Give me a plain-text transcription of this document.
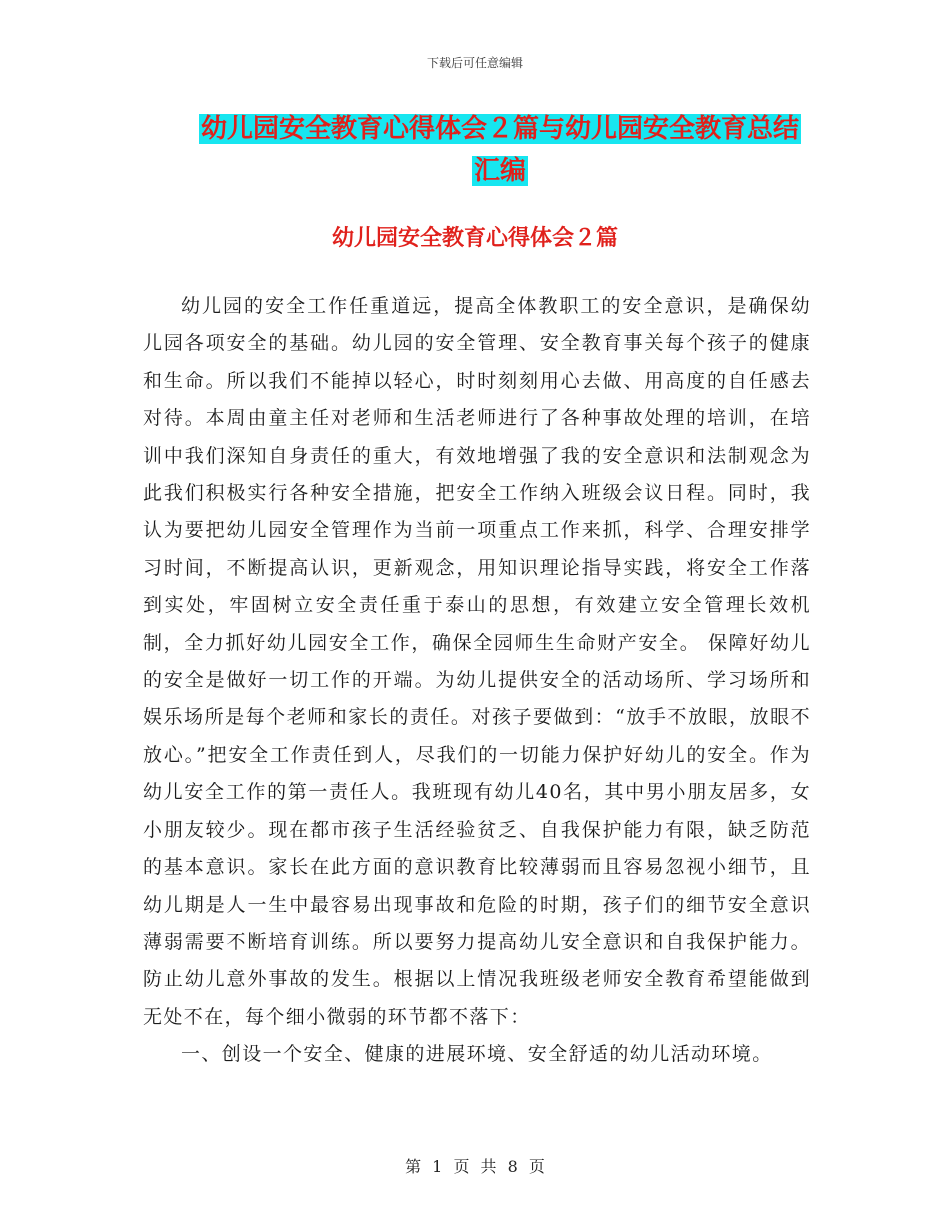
下载后可任意编辑
幼儿园安全教育心得体会２篇与幼儿园安全教育总结
汇编
幼儿园安全教育心得体会２篇

幼儿园的安全工作任重道远，提高全体教职工的安全意识，是确保幼儿园各项安全的基础。幼儿园的安全管理、安全教育事关每个孩子的健康和生命。所以我们不能掉以轻心，时时刻刻用心去做、用高度的自任感去对待。本周由童主任对老师和生活老师进行了各种事故处理的培训，在培训中我们深知自身责任的重大，有效地增强了我的安全意识和法制观念为此我们积极实行各种安全措施，把安全工作纳入班级会议日程。同时，我认为要把幼儿园安全管理作为当前一项重点工作来抓，科学、合理安排学习时间，不断提高认识，更新观念，用知识理论指导实践，将安全工作落到实处，牢固树立安全责任重于泰山的思想，有效建立安全管理长效机制，全力抓好幼儿园安全工作，确保全园师生生命财产安全。 保障好幼儿的安全是做好一切工作的开端。为幼儿提供安全的活动场所、学习场所和娱乐场所是每个老师和家长的责任。对孩子要做到：“放手不放眼，放眼不放心。”把安全工作责任到人，尽我们的一切能力保护好幼儿的安全。作为幼儿安全工作的第一责任人。我班现有幼儿40名，其中男小朋友居多，女小朋友较少。现在都市孩子生活经验贫乏、自我保护能力有限，缺乏防范的基本意识。家长在此方面的意识教育比较薄弱而且容易忽视小细节，且幼儿期是人一生中最容易出现事故和危险的时期，孩子们的细节安全意识薄弱需要不断培育训练。所以要努力提高幼儿安全意识和自我保护能力。防止幼儿意外事故的发生。根据以上情况我班级老师安全教育希望能做到无处不在，每个细小微弱的环节都不落下：

一、创设一个安全、健康的进展环境、安全舒适的幼儿活动环境。

第 1 页 共 8 页
